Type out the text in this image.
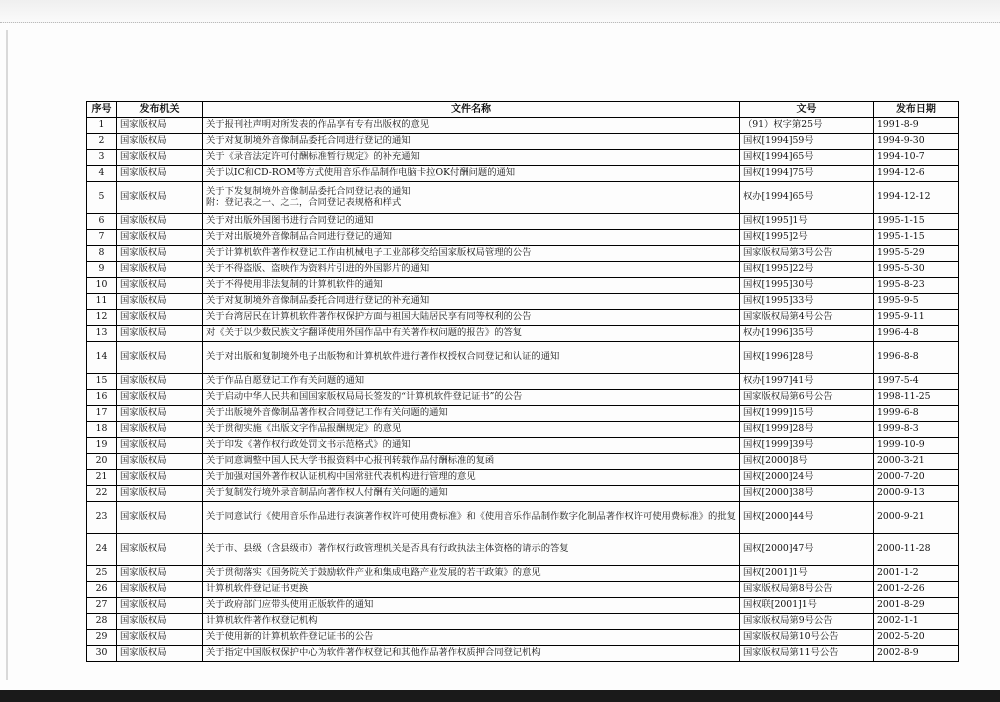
序号	发布机关	文件名称	文号	发布日期
1	国家版权局	关于报刊社声明对所发表的作品享有专有出版权的意见	（91）权字第25号	1991-8-9
2	国家版权局	关于对复制境外音像制品委托合同进行登记的通知	国权[1994]59号	1994-9-30
3	国家版权局	关于《录音法定许可付酬标准暂行规定》的补充通知	国权[1994]65号	1994-10-7
4	国家版权局	关于以IC和CD-ROM等方式使用音乐作品制作电脑卡拉OK付酬问题的通知	国权[1994]75号	1994-12-6
5	国家版权局	关于下发复制境外音像制品委托合同登记表的通知
附：登记表之一、之二，合同登记表规格和样式	权办[1994]65号	1994-12-12
6	国家版权局	关于对出版外国图书进行合同登记的通知	国权[1995]1号	1995-1-15
7	国家版权局	关于对出版境外音像制品合同进行登记的通知	国权[1995]2号	1995-1-15
8	国家版权局	关于计算机软件著作权登记工作由机械电子工业部移交给国家版权局管理的公告	国家版权局第3号公告	1995-5-29
9	国家版权局	关于不得盗版、盗映作为资料片引进的外国影片的通知	国权[1995]22号	1995-5-30
10	国家版权局	关于不得使用非法复制的计算机软件的通知	国权[1995]30号	1995-8-23
11	国家版权局	关于对复制境外音像制品委托合同进行登记的补充通知	国权[1995]33号	1995-9-5
12	国家版权局	关于台湾居民在计算机软件著作权保护方面与祖国大陆居民享有同等权利的公告	国家版权局第4号公告	1995-9-11
13	国家版权局	对《关于以少数民族文字翻译使用外国作品中有关著作权问题的报告》的答复	权办[1996]35号	1996-4-8
14	国家版权局	关于对出版和复制境外电子出版物和计算机软件进行著作权授权合同登记和认证的通知	国权[1996]28号	1996-8-8
15	国家版权局	关于作品自愿登记工作有关问题的通知	权办[1997]41号	1997-5-4
16	国家版权局	关于启动中华人民共和国国家版权局局长签发的“计算机软件登记证书”的公告	国家版权局第6号公告	1998-11-25
17	国家版权局	关于出版境外音像制品著作权合同登记工作有关问题的通知	国权[1999]15号	1999-6-8
18	国家版权局	关于贯彻实施《出版文字作品报酬规定》的意见	国权[1999]28号	1999-8-3
19	国家版权局	关于印发《著作权行政处罚文书示范格式》的通知	国权[1999]39号	1999-10-9
20	国家版权局	关于同意调整中国人民大学书报资料中心报刊转载作品付酬标准的复函	国权[2000]8号	2000-3-21
21	国家版权局	关于加强对国外著作权认证机构中国常驻代表机构进行管理的意见	国权[2000]24号	2000-7-20
22	国家版权局	关于复制发行境外录音制品向著作权人付酬有关问题的通知	国权[2000]38号	2000-9-13
23	国家版权局	关于同意试行《使用音乐作品进行表演著作权许可使用费标准》和《使用音乐作品制作数字化制品著作权许可使用费标准》的批复	国权[2000]44号	2000-9-21
24	国家版权局	关于市、县级（含县级市）著作权行政管理机关是否具有行政执法主体资格的请示的答复	国权[2000]47号	2000-11-28
25	国家版权局	关于贯彻落实《国务院关于鼓励软件产业和集成电路产业发展的若干政策》的意见	国权[2001]1号	2001-1-2
26	国家版权局	计算机软件登记证书更换	国家版权局第8号公告	2001-2-26
27	国家版权局	关于政府部门应带头使用正版软件的通知	国权联[2001]1号	2001-8-29
28	国家版权局	计算机软件著作权登记机构	国家版权局第9号公告	2002-1-1
29	国家版权局	关于使用新的计算机软件登记证书的公告	国家版权局第10号公告	2002-5-20
30	国家版权局	关于指定中国版权保护中心为软件著作权登记和其他作品著作权质押合同登记机构	国家版权局第11号公告	2002-8-9
